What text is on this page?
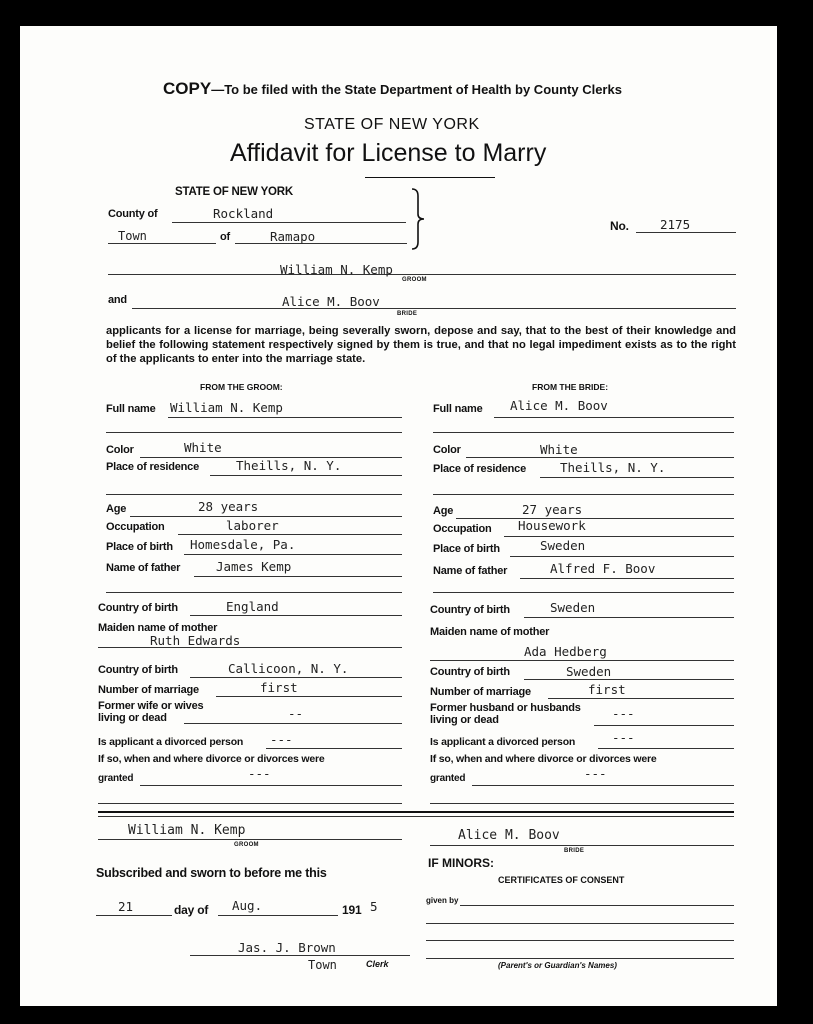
COPY—To be filed with the State Department of Health by County Clerks
STATE OF NEW YORK
Affidavit for License to Marry
STATE OF NEW YORK
County of	Rockland
Town	of	Ramapo
No.	2175
William N. Kemp
GROOM
and	Alice M. Boov
BRIDE
applicants for a license for marriage, being severally sworn, depose and say, that to the best of their knowledge and belief the following statement respectively signed by them is true, and that no legal impediment exists as to the right of the applicants to enter into the marriage state.
FROM THE GROOM:	FROM THE BRIDE:
Full name William N. Kemp
Color	White
Place of residence	Theills, N. Y.
Age	28 years
Occupation	laborer
Place of birth Homesdale, Pa.
Name of father	James Kemp
Country of birth	England
Maiden name of mother
Ruth Edwards
Country of birth	Callicoon, N. Y.
Number of marriage	first
Former wife or wives
living or dead	--
Is applicant a divorced person ---
If so, when and where divorce or divorces were
granted	---
Full name Alice M. Boov
Color	White
Place of residence	Theills, N. Y.
Age	27 years
Occupation Housework
Place of birth	Sweden
Name of father	Alfred F. Boov
Country of birth	Sweden
Maiden name of mother
Ada Hedberg
Country of birth	Sweden
Number of marriage	first
Former husband or husbands
living or dead	---
Is applicant a divorced person	---
If so, when and where divorce or divorces were
granted	---
William N. Kemp
GROOM
Alice M. Boov
BRIDE
Subscribed and sworn to before me this
21	day of Aug.	191 5
Jas. J. Brown
Town	Clerk
IF MINORS:
CERTIFICATES OF CONSENT
given by
(Parent's or Guardian's Names)
